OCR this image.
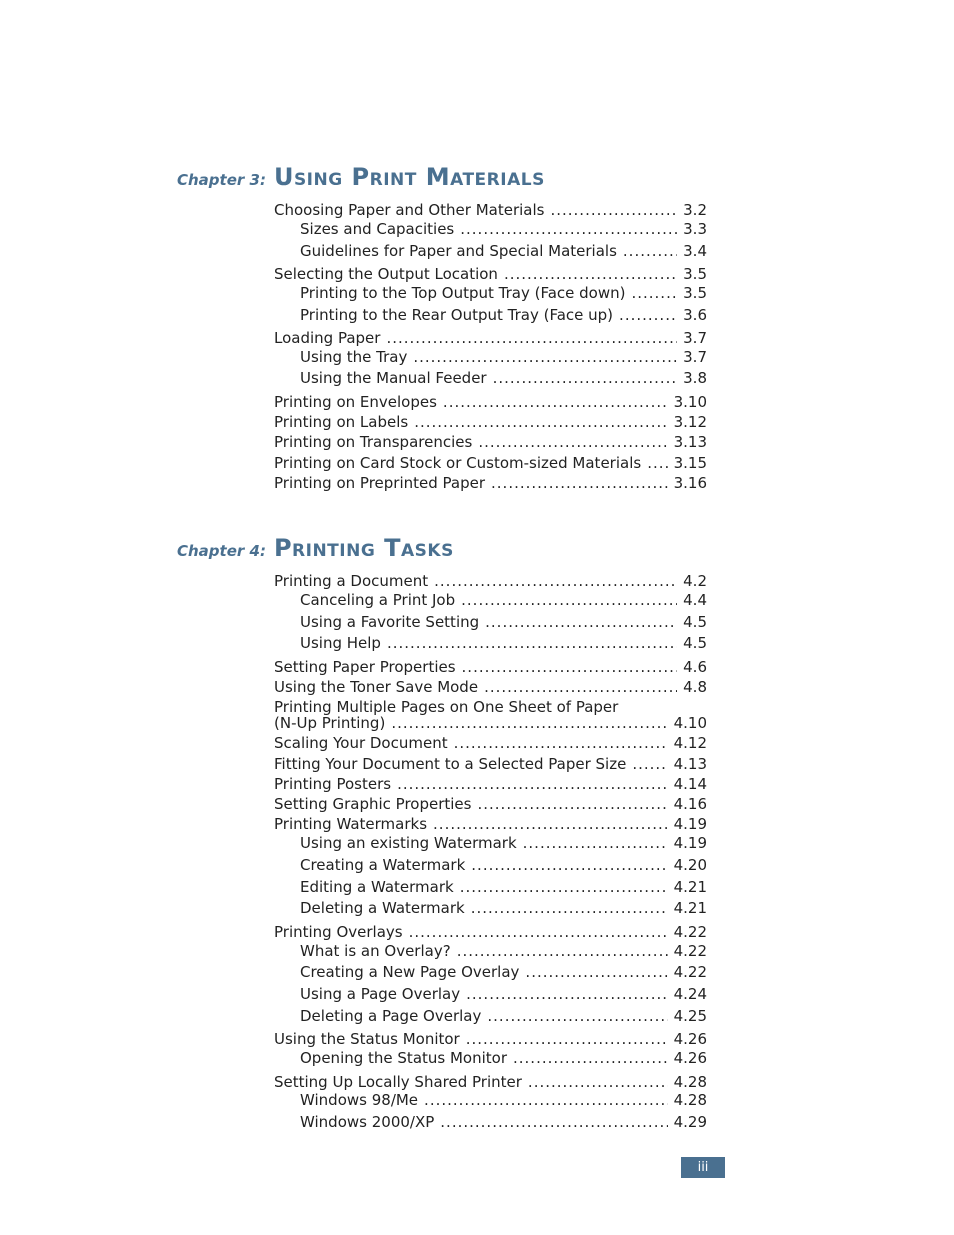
Chapter 3: Using Print Materials
Choosing Paper and Other Materials .....	3.2
Sizes and Capacities .....	3.3
Guidelines for Paper and Special Materials .....	3.4
Selecting the Output Location .....	3.5
Printing to the Top Output Tray (Face down) .....	3.5
Printing to the Rear Output Tray (Face up) .....	3.6
Loading Paper .....	3.7
Using the Tray .....	3.7
Using the Manual Feeder .....	3.8
Printing on Envelopes .....	3.10
Printing on Labels .....	3.12
Printing on Transparencies .....	3.13
Printing on Card Stock or Custom-sized Materials ..... 3.15
Printing on Preprinted Paper .....	3.16
Chapter 4: Printing Tasks
Printing a Document .....	4.2
Canceling a Print Job .....	4.4
Using a Favorite Setting .....	4.5
Using Help .....	4.5
Setting Paper Properties .....	4.6
Using the Toner Save Mode .....	4.8
Printing Multiple Pages on One Sheet of Paper
(N-Up Printing) .....	4.10
Scaling Your Document .....	4.12
Fitting Your Document to a Selected Paper Size .....	4.13
Printing Posters .....	4.14
Setting Graphic Properties .....	4.16
Printing Watermarks .....	4.19
Using an existing Watermark .....	4.19
Creating a Watermark .....	4.20
Editing a Watermark .....	4.21
Deleting a Watermark .....	4.21
Printing Overlays .....	4.22
What is an Overlay? .....	4.22
Creating a New Page Overlay .....	4.22
Using a Page Overlay .....	4.24
Deleting a Page Overlay .....	4.25
Using the Status Monitor .....	4.26
Opening the Status Monitor .....	4.26
Setting Up Locally Shared Printer .....	4.28
Windows 98/Me .....	4.28
Windows 2000/XP .....	4.29
iii
